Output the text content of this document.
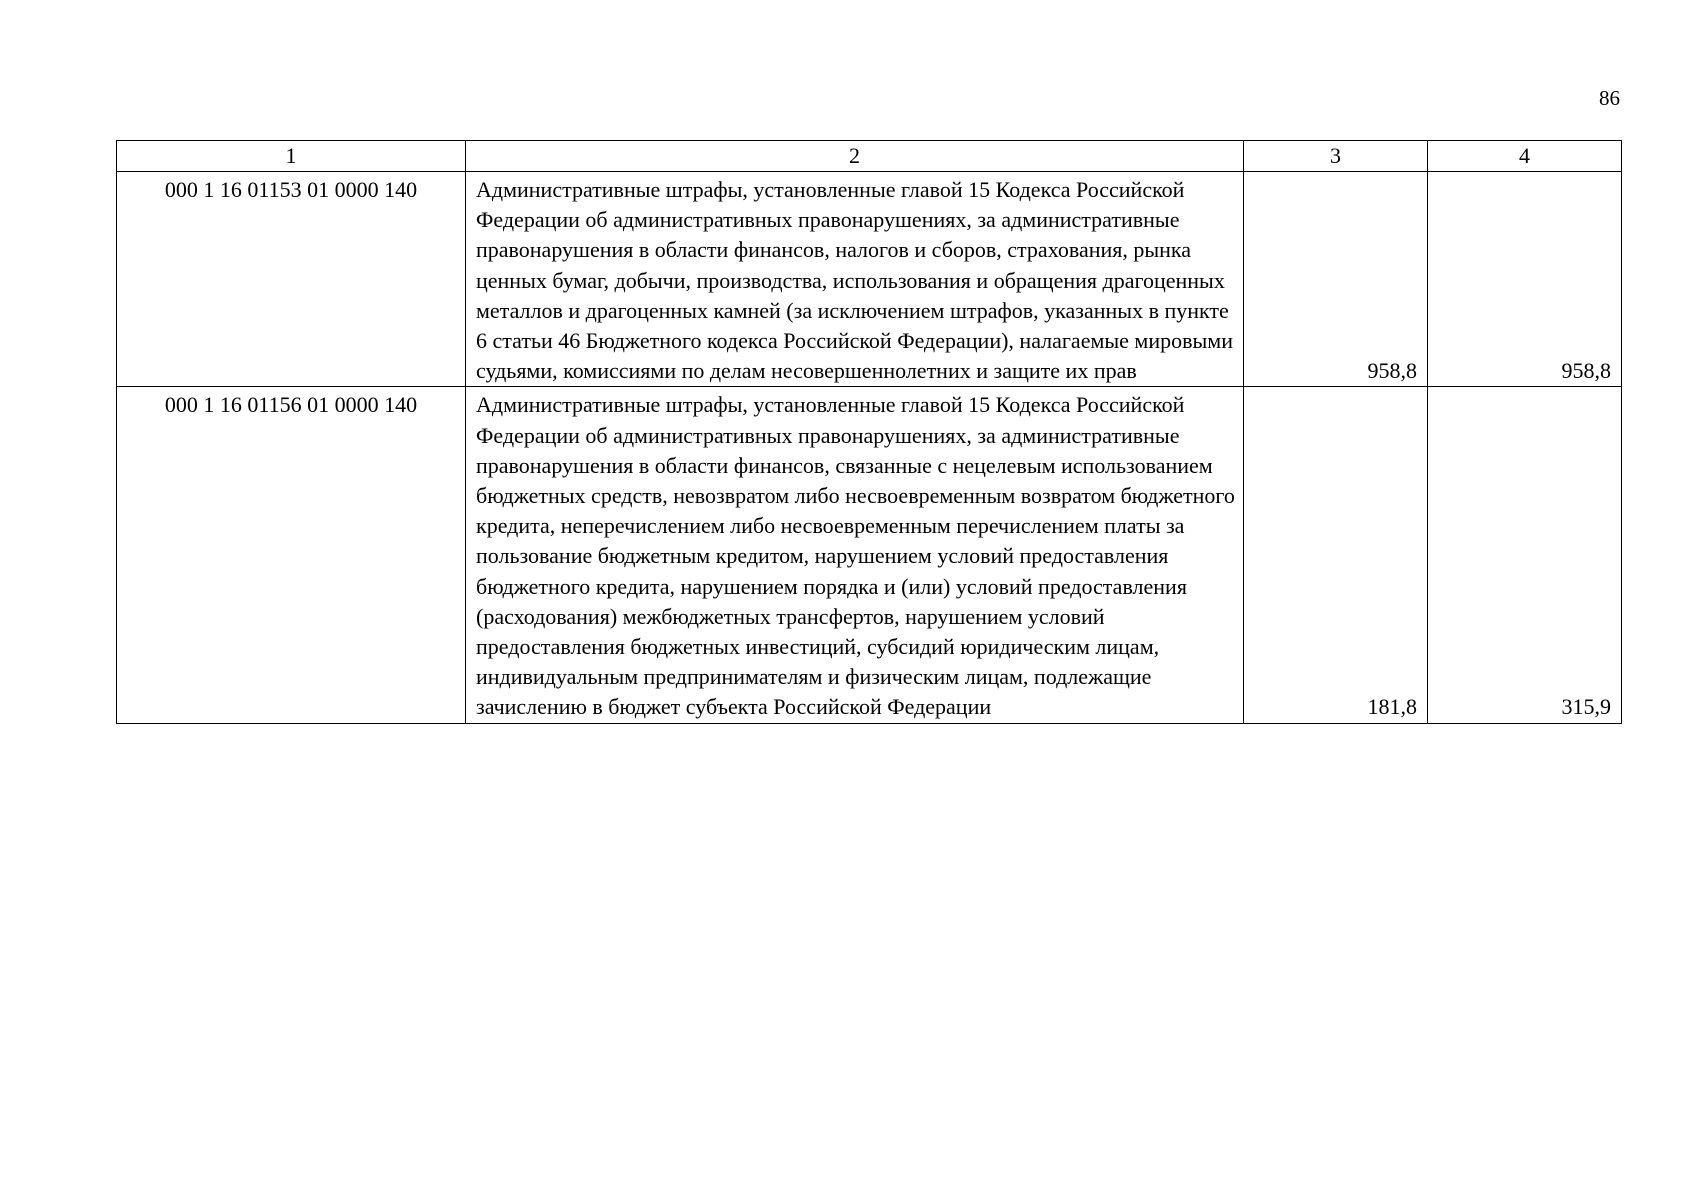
86
1	2	3	4
000 1 16 01153 01 0000 140	Административные штрафы, установленные главой 15 Кодекса Российской Федерации об административных правонарушениях, за административные правонарушения в области финансов, налогов и сборов, страхования, рынка ценных бумаг, добычи, производства, использования и обращения драгоценных металлов и драгоценных камней (за исключением штрафов, указанных в пункте 6 статьи 46 Бюджетного кодекса Российской Федерации), налагаемые мировыми судьями, комиссиями по делам несовершеннолетних и защите их прав	958,8	958,8
000 1 16 01156 01 0000 140	Административные штрафы, установленные главой 15 Кодекса Российской Федерации об административных правонарушениях, за административные правонарушения в области финансов, связанные с нецелевым использованием бюджетных средств, невозвратом либо несвоевременным возвратом бюджетного кредита, неперечислением либо несвоевременным перечислением платы за пользование бюджетным кредитом, нарушением условий предоставления бюджетного кредита, нарушением порядка и (или) условий предоставления (расходования) межбюджетных трансфертов, нарушением условий предоставления бюджетных инвестиций, субсидий юридическим лицам, индивидуальным предпринимателям и физическим лицам, подлежащие зачислению в бюджет субъекта Российской Федерации	181,8	315,9
